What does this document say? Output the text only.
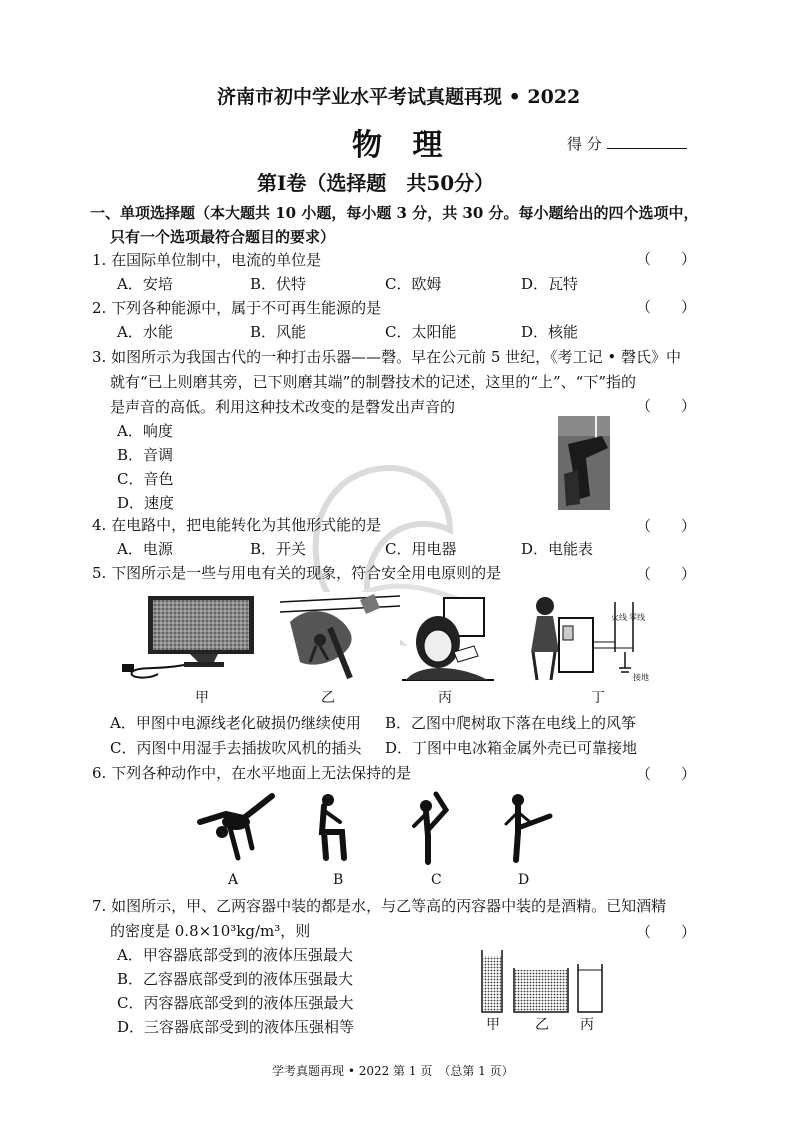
济南市初中学业水平考试真题再现 • 2022
物 理	得 分
第Ⅰ卷（选择题　共50分）
一、单项选择题（本大题共 10 小题，每小题 3 分，共 30 分。每小题给出的四个选项中，
只有一个选项最符合题目的要求）
1. 在国际单位制中，电流的单位是	（　　）
A．安培	B．伏特	C．欧姆	D．瓦特
2. 下列各种能源中，属于不可再生能源的是	（　　）
A．水能	B．风能	C．太阳能	D．核能
3. 如图所示为我国古代的一种打击乐器——磬。早在公元前 5 世纪，《考工记 • 磬氏》中
就有“已上则磨其旁，已下则磨其端”的制磬技术的记述，这里的“上”、“下”指的
是声音的高低。利用这种技术改变的是磬发出声音的	（　　）
A．响度
B．音调
C．音色
D．速度
4. 在电路中，把电能转化为其他形式能的是	（　　）
A．电源	B．开关	C．用电器	D．电能表
5. 下图所示是一些与用电有关的现象，符合安全用电原则的是	（　　）
甲	乙	丙
火线 零线
接地
丁
A．甲图中电源线老化破损仍继续使用 B．乙图中爬树取下落在电线上的风筝
C．丙图中用湿手去插拔吹风机的插头 D．丁图中电冰箱金属外壳已可靠接地
6. 下列各种动作中，在水平地面上无法保持的是	（　　）
A	B	C	D
7. 如图所示，甲、乙两容器中装的都是水，与乙等高的丙容器中装的是酒精。已知酒精
的密度是 0.8×10³kg/m³，则	（　　）
A．甲容器底部受到的液体压强最大
B．乙容器底部受到的液体压强最大
C．丙容器底部受到的液体压强最大
D．三容器底部受到的液体压强相等	甲	乙 丙
学考真题再现 • 2022 第 1 页　（总第 1 页）
